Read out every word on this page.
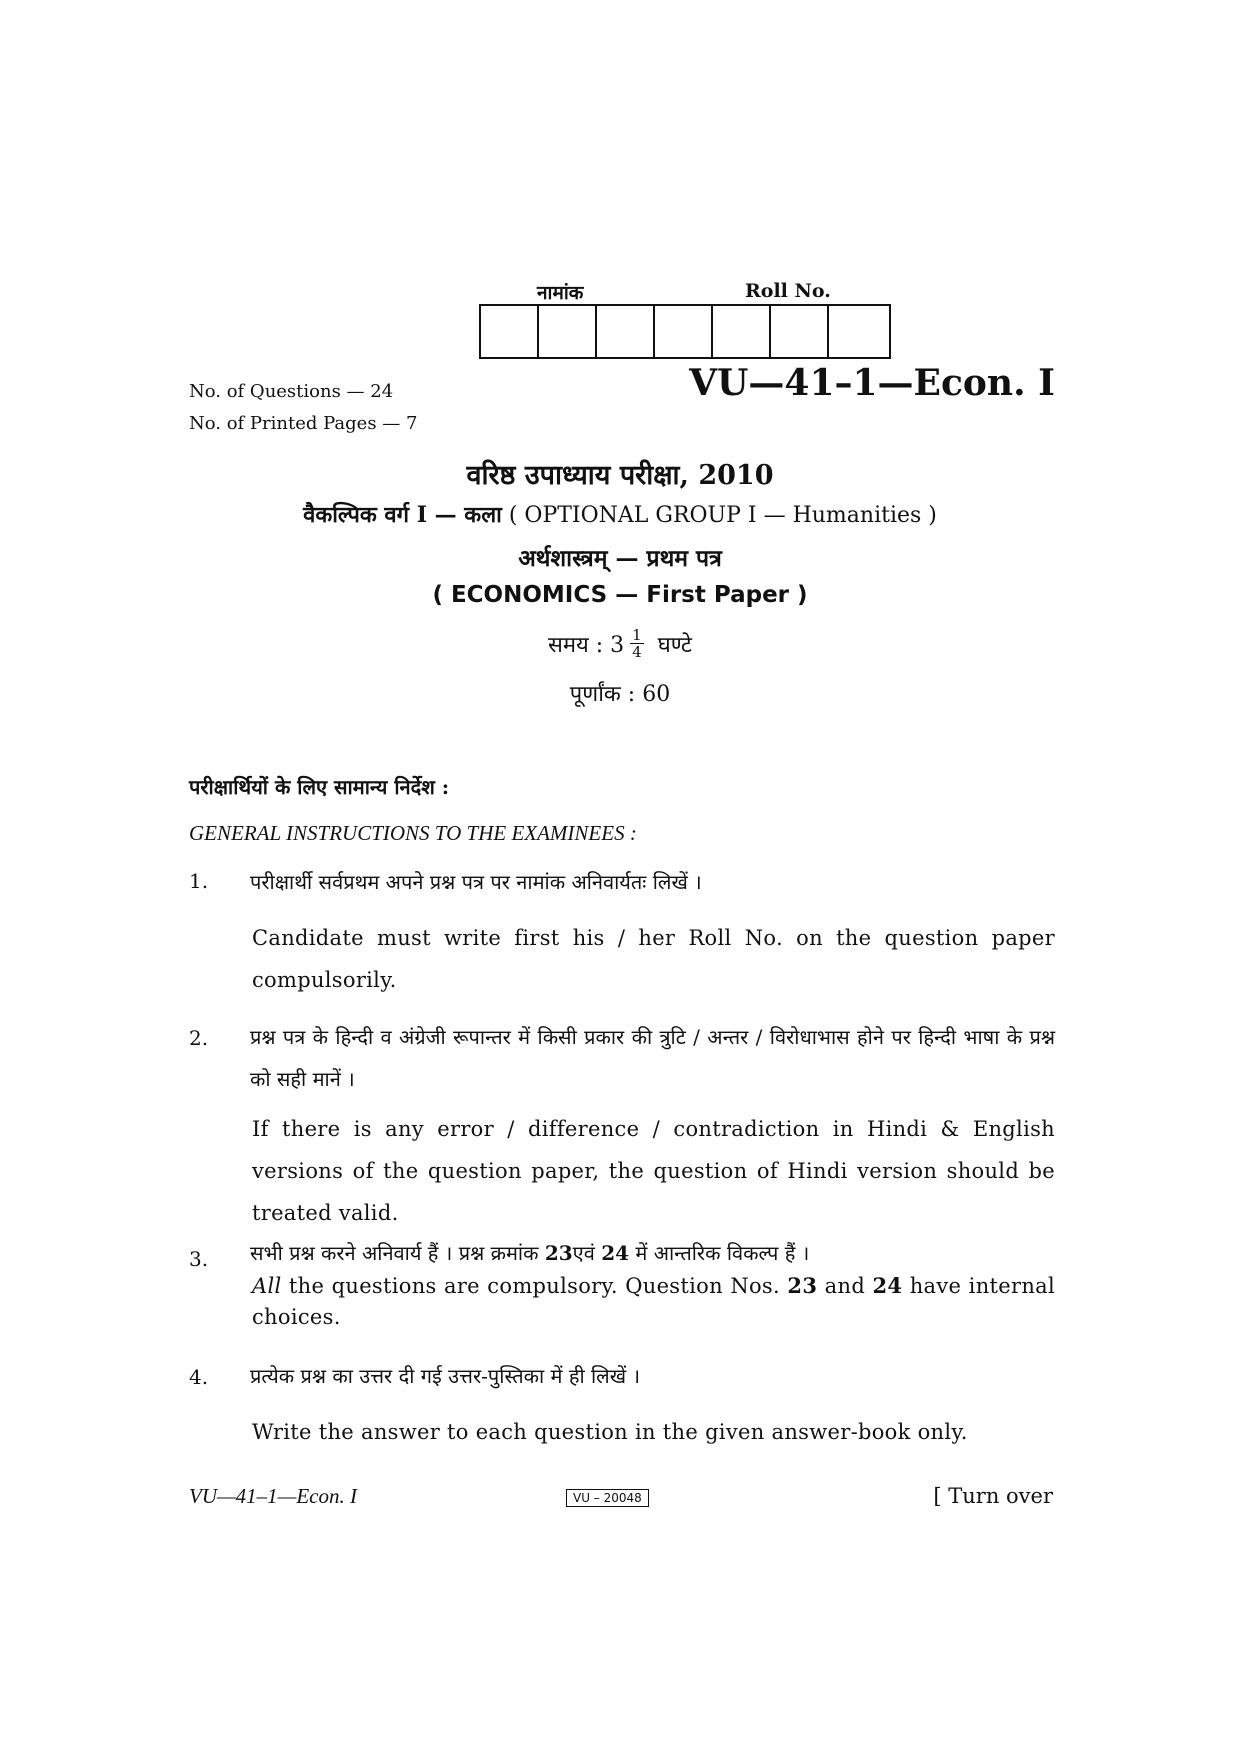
नामांक	Roll No.
No. of Questions — 24
No. of Printed Pages — 7
VU—41–1—Econ. I
वरिष्ठ उपाध्याय परीक्षा, 2010
वैकल्पिक वर्ग I — कला ( OPTIONAL GROUP I — Humanities )
अर्थशास्त्रम् — प्रथम पत्र
( ECONOMICS — First Paper )
समय : $3 \frac{1}{4}$ घण्टे
पूर्णांक : 60
परीक्षार्थियों के लिए सामान्य निर्देश :
GENERAL INSTRUCTIONS TO THE EXAMINEES :
1. परीक्षार्थी सर्वप्रथम अपने प्रश्न पत्र पर नामांक अनिवार्यतः लिखें ।
Candidate must write first his / her Roll No. on the question paper compulsorily.
2. प्रश्न पत्र के हिन्दी व अंग्रेजी रूपान्तर में किसी प्रकार की त्रुटि / अन्तर / विरोधाभास होने पर हिन्दी भाषा के प्रश्न को सही मानें ।
If there is any error / difference / contradiction in Hindi & English versions of the question paper, the question of Hindi version should be treated valid.
3. सभी प्रश्न करने अनिवार्य हैं । प्रश्न क्रमांक 23एवं 24 में आन्तरिक विकल्प हैं ।
All the questions are compulsory. Question Nos. 23 and 24 have internal choices.
4. प्रत्येक प्रश्न का उत्तर दी गई उत्तर-पुस्तिका में ही लिखें ।
Write the answer to each question in the given answer-book only.
VU—41–1—Econ. I	VU – 20048	[ Turn over
